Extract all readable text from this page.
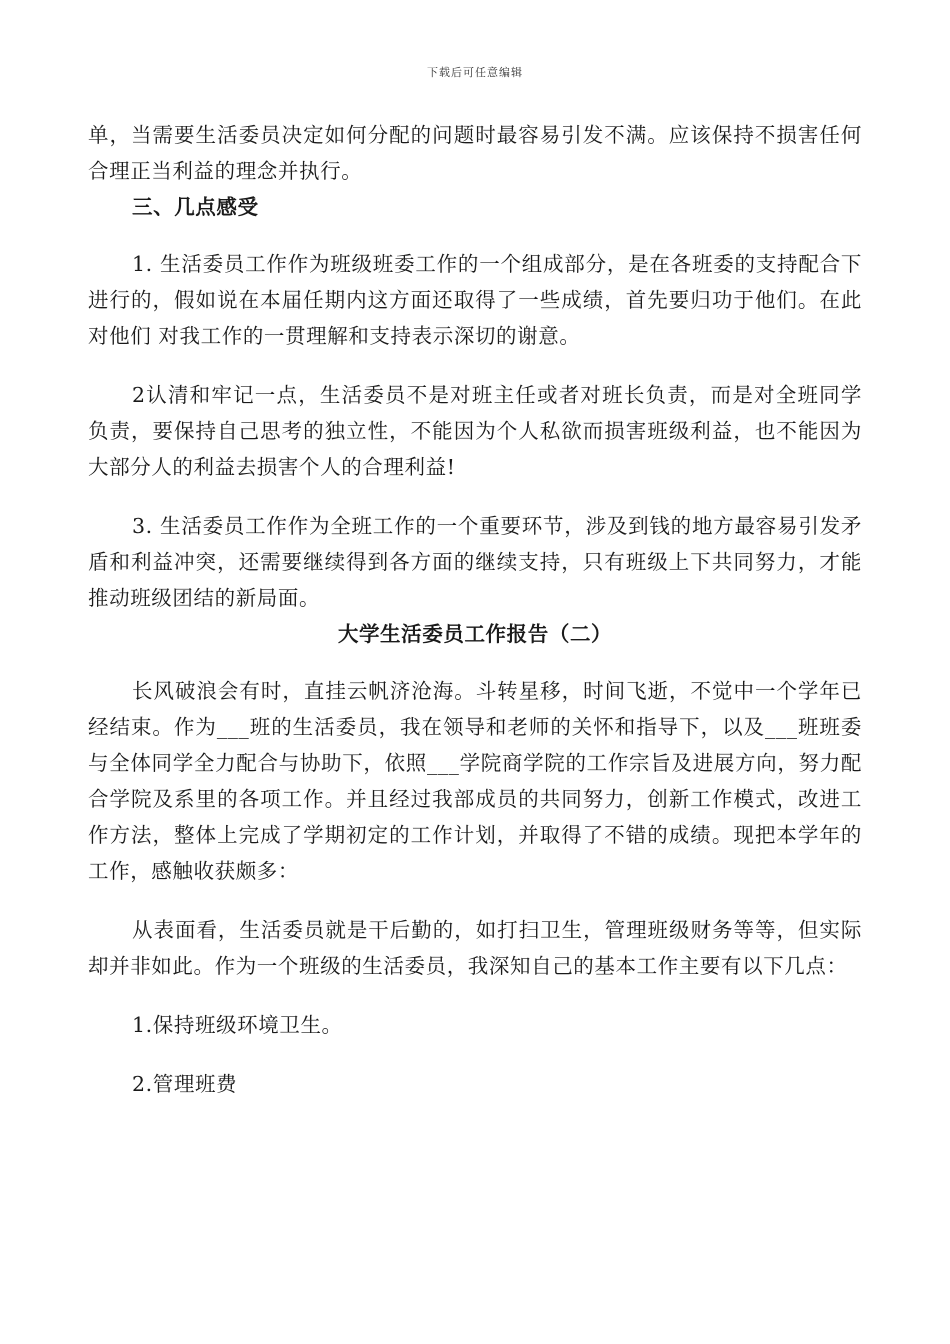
下载后可任意编辑

单，当需要生活委员决定如何分配的问题时最容易引发不满。应该保持不损害任何合理正当利益的理念并执行。

三、几点感受

1. 生活委员工作作为班级班委工作的一个组成部分，是在各班委的支持配合下进行的，假如说在本届任期内这方面还取得了一些成绩，首先要归功于他们。在此对他们 对我工作的一贯理解和支持表示深切的谢意。

2认清和牢记一点，生活委员不是对班主任或者对班长负责，而是对全班同学负责，要保持自己思考的独立性，不能因为个人私欲而损害班级利益，也不能因为大部分人的利益去损害个人的合理利益!

3. 生活委员工作作为全班工作的一个重要环节，涉及到钱的地方最容易引发矛盾和利益冲突，还需要继续得到各方面的继续支持，只有班级上下共同努力，才能推动班级团结的新局面。

大学生活委员工作报告（二）

长风破浪会有时，直挂云帆济沧海。斗转星移，时间飞逝，不觉中一个学年已经结束。作为___班的生活委员，我在领导和老师的关怀和指导下，以及___班班委与全体同学全力配合与协助下，依照___学院商学院的工作宗旨及进展方向，努力配合学院及系里的各项工作。并且经过我部成员的共同努力，创新工作模式，改进工作方法，整体上完成了学期初定的工作计划，并取得了不错的成绩。现把本学年的工作，感触收获颇多：

从表面看，生活委员就是干后勤的，如打扫卫生，管理班级财务等等，但实际却并非如此。作为一个班级的生活委员，我深知自己的基本工作主要有以下几点：

1.保持班级环境卫生。

2.管理班费
